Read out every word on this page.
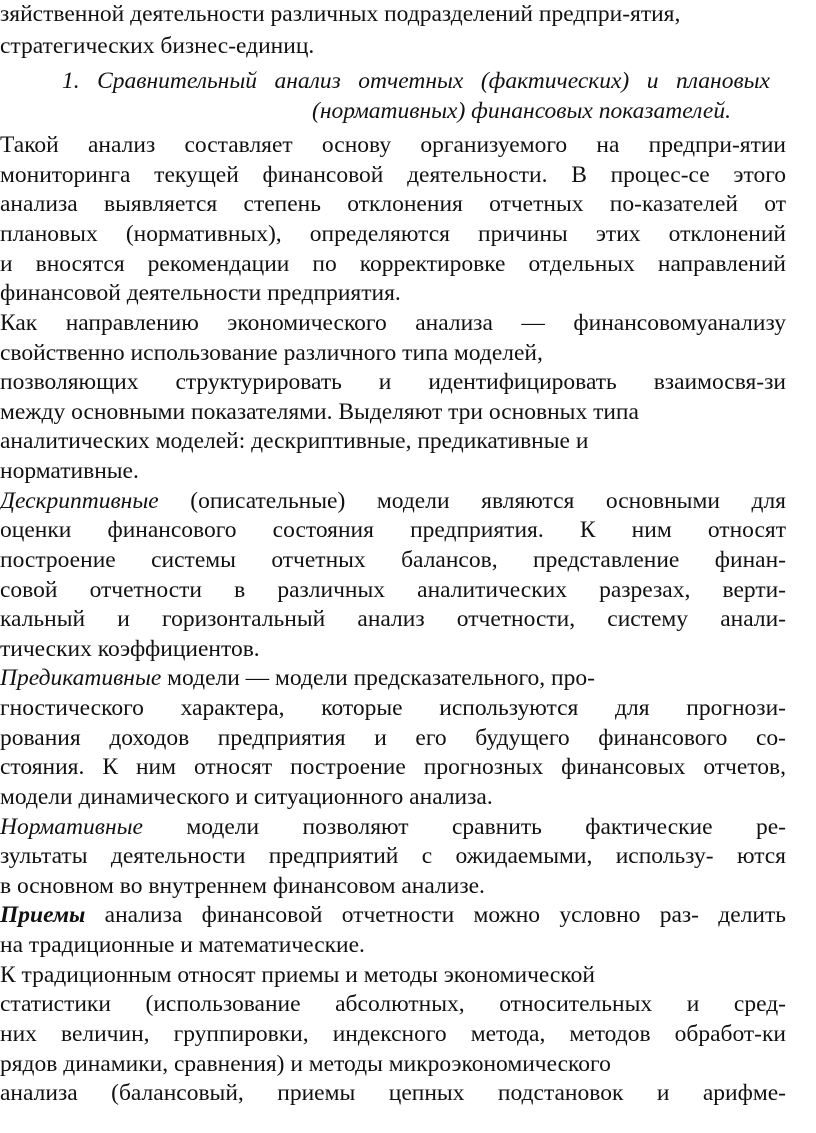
зяйственной деятельности различных подразделений предпри-ятия,
стратегических бизнес-единиц.
1. Сравнительный анализ отчетных (фактических) и плановых
(нормативных) финансовых показателей.
Такой анализ составляет основу организуемого на предпри-ятии
мониторинга текущей финансовой деятельности. В процес-се этого
анализа выявляется степень отклонения отчетных по-казателей от
плановых (нормативных), определяются причины этих отклонений
и вносятся рекомендации по корректировке отдельных направлений
финансовой деятельности предприятия.
Как направлению экономического анализа — финансовомуанализу
свойственно использование различного типа моделей,
позволяющих структурировать и идентифицировать взаимосвя-зи
между основными показателями. Выделяют три основных типа
аналитических моделей: дескриптивные, предикативные и
нормативные.
Дескриптивные (описательные) модели являются основными для
оценки финансового состояния предприятия. К ним относят
построение системы отчетных балансов, представление финан-
совой отчетности в различных аналитических разрезах, верти-
кальный и горизонтальный анализ отчетности, систему анали-
тических коэффициентов.
Предикативные модели — модели предсказательного, про-
гностического характера, которые используются для прогнози-
рования доходов предприятия и его будущего финансового со-
стояния. К ним относят построение прогнозных финансовых отчетов,
модели динамического и ситуационного анализа.
Нормативные модели позволяют сравнить фактические ре-
зультаты деятельности предприятий с ожидаемыми, использу- ются
в основном во внутреннем финансовом анализе.
Приемы анализа финансовой отчетности можно условно раз- делить
на традиционные и математические.
К традиционным относят приемы и методы экономической
статистики (использование абсолютных, относительных и сред-
них величин, группировки, индексного метода, методов обработ-ки
рядов динамики, сравнения) и методы микроэкономического
анализа (балансовый, приемы цепных подстановок и арифме-
